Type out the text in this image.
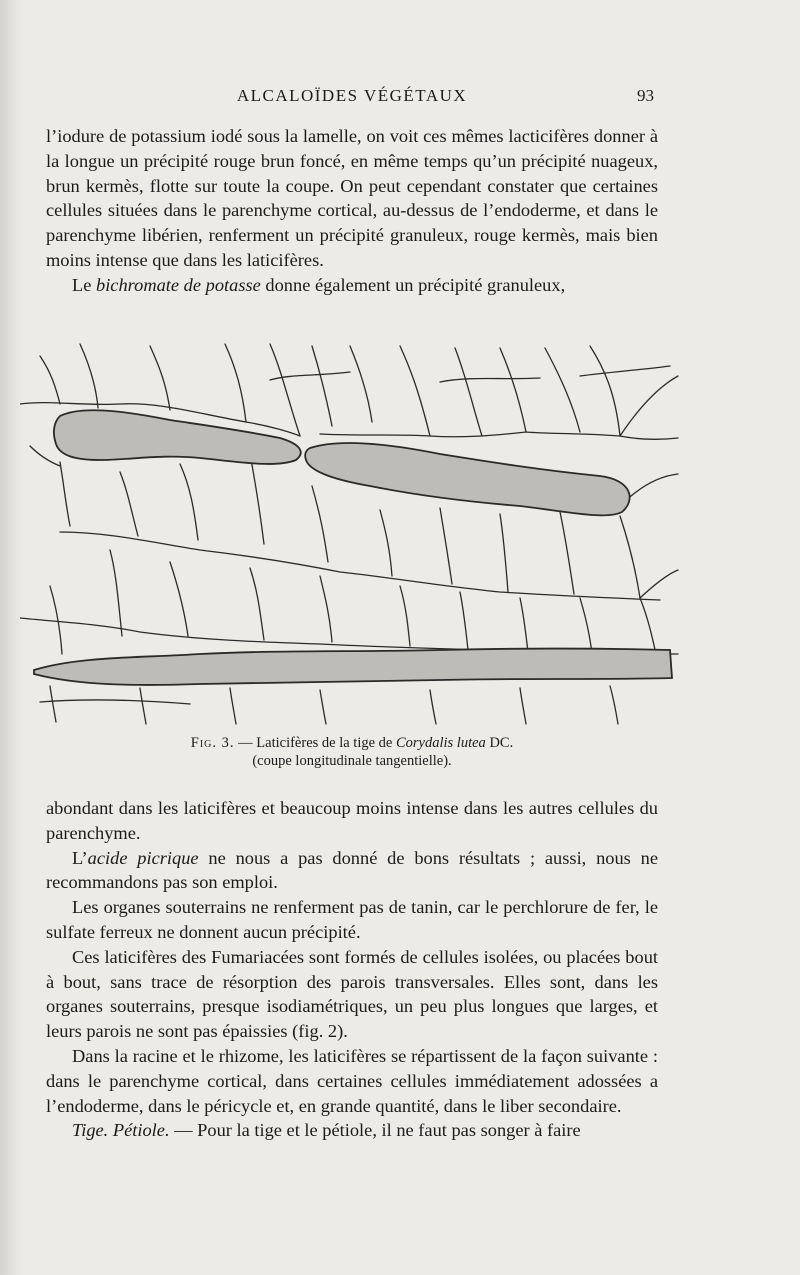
ALCALOÏDES VÉGÉTAUX	93

l’iodure de potassium iodé sous la lamelle, on voit ces mêmes lacticifères donner à la longue un précipité rouge brun foncé, en même temps qu’un précipité nuageux, brun kermès, flotte sur toute la coupe. On peut cependant constater que certaines cellules situées dans le parenchyme cortical, au-dessus de l’endoderme, et dans le parenchyme libérien, renferment un précipité granuleux, rouge kermès, mais bien moins intense que dans les laticifères.

Le bichromate de potasse donne également un précipité granuleux,

Fig. 3. — Laticifères de la tige de Corydalis lutea DC.
(coupe longitudinale tangentielle).

abondant dans les laticifères et beaucoup moins intense dans les autres cellules du parenchyme.

L’acide picrique ne nous a pas donné de bons résultats ; aussi, nous ne recommandons pas son emploi.

Les organes souterrains ne renferment pas de tanin, car le perchlorure de fer, le sulfate ferreux ne donnent aucun précipité.

Ces laticifères des Fumariacées sont formés de cellules isolées, ou placées bout à bout, sans trace de résorption des parois transversales. Elles sont, dans les organes souterrains, presque isodiamétriques, un peu plus longues que larges, et leurs parois ne sont pas épaissies (fig. 2).

Dans la racine et le rhizome, les laticifères se répartissent de la façon suivante : dans le parenchyme cortical, dans certaines cellules immédiatement adossées a l’endoderme, dans le péricycle et, en grande quantité, dans le liber secondaire.

Tige. Pétiole. — Pour la tige et le pétiole, il ne faut pas songer à faire
